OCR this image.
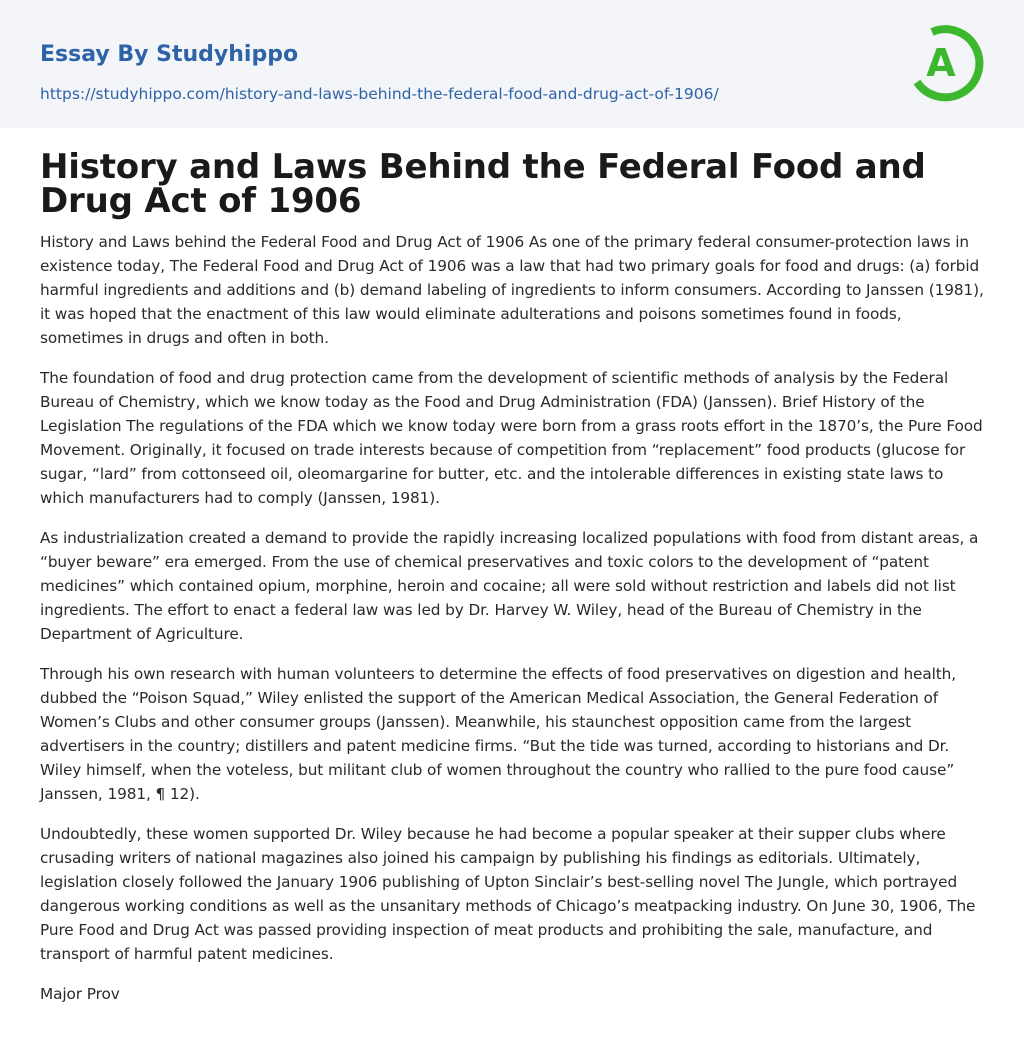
Essay By Studyhippo
https://studyhippo.com/history-and-laws-behind-the-federal-food-and-drug-act-of-1906/
A
History and Laws Behind the Federal Food and Drug Act of 1906

History and Laws behind the Federal Food and Drug Act of 1906 As one of the primary federal consumer-protection laws in existence today, The Federal Food and Drug Act of 1906 was a law that had two primary goals for food and drugs: (a) forbid harmful ingredients and additions and (b) demand labeling of ingredients to inform consumers. According to Janssen (1981), it was hoped that the enactment of this law would eliminate adulterations and poisons sometimes found in foods, sometimes in drugs and often in both.

The foundation of food and drug protection came from the development of scientific methods of analysis by the Federal Bureau of Chemistry, which we know today as the Food and Drug Administration (FDA) (Janssen). Brief History of the Legislation The regulations of the FDA which we know today were born from a grass roots effort in the 1870’s, the Pure Food Movement. Originally, it focused on trade interests because of competition from “replacement” food products (glucose for sugar, “lard” from cottonseed oil, oleomargarine for butter, etc. and the intolerable differences in existing state laws to which manufacturers had to comply (Janssen, 1981).

As industrialization created a demand to provide the rapidly increasing localized populations with food from distant areas, a “buyer beware” era emerged. From the use of chemical preservatives and toxic colors to the development of “patent medicines” which contained opium, morphine, heroin and cocaine; all were sold without restriction and labels did not list ingredients. The effort to enact a federal law was led by Dr. Harvey W. Wiley, head of the Bureau of Chemistry in the Department of Agriculture.

Through his own research with human volunteers to determine the effects of food preservatives on digestion and health, dubbed the “Poison Squad,” Wiley enlisted the support of the American Medical Association, the General Federation of Women’s Clubs and other consumer groups (Janssen). Meanwhile, his staunchest opposition came from the largest advertisers in the country; distillers and patent medicine firms. “But the tide was turned, according to historians and Dr. Wiley himself, when the voteless, but militant club of women throughout the country who rallied to the pure food cause” Janssen, 1981, ¶ 12).

Undoubtedly, these women supported Dr. Wiley because he had become a popular speaker at their supper clubs where crusading writers of national magazines also joined his campaign by publishing his findings as editorials. Ultimately, legislation closely followed the January 1906 publishing of Upton Sinclair’s best-selling novel The Jungle, which portrayed dangerous working conditions as well as the unsanitary methods of Chicago’s meatpacking industry. On June 30, 1906, The Pure Food and Drug Act was passed providing inspection of meat products and prohibiting the sale, manufacture, and transport of harmful patent medicines.

Major Prov
